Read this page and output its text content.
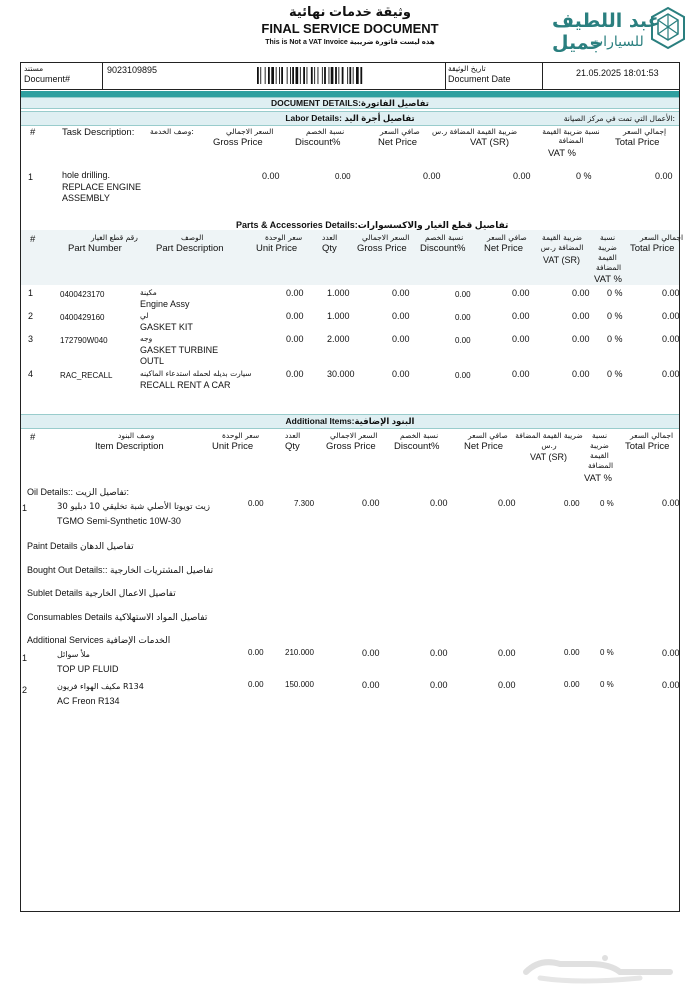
وثيقة خدمات نهائية
FINAL SERVICE DOCUMENT
This is Not a VAT Invoice هذه ليست فاتورة ضريبية
عبد اللطيف جميل
للسيارات
مستند
Document#
9023109895	تاريخ الوثيقة
Document Date
21.05.2025 18:01:53
DOCUMENT DETAILS:تفاصيل الفاتورة
Labor Details: تفاصيل أجرة اليد	الأعمال التي تمت في مركز الصيانة:
#	Task Description: وصف الخدمة:	السعر الاجمالي
Gross Price
نسبة الخصم
Discount%
صافي السعر
Net Price
ضريبة القيمة المضافة ر.س
VAT (SR)
نسبة ضريبة القيمة المضافة
VAT %
إجمالي السعر
Total Price
1	hole drilling.
REPLACE ENGINE
ASSEMBLY
0.00	0.00	0.00	0.00	0 %	0.00
Parts & Accessories Details:تفاصيل قطع الغيار والاكسسوارات
#	رقم قطع الغيار
Part Number
الوصف
Part Description
سعر الوحدة
Unit Price
العدد
Qty
السعر الاجمالي
Gross Price
نسبة الخصم
Discount%
صافي السعر
Net Price
ضريبة القيمة المضافة ر.س
VAT (SR)
نسبة
ضريبة
القيمة
المضافة
VAT %
اجمالي السعر
Total Price
1	0400423170	مكينة
Engine Assy
0.00	1.000	0.00	0.00	0.00	0.00 0 %	0.00
2	0400429160	لي
GASKET KIT
0.00	1.000	0.00	0.00	0.00	0.00 0 %	0.00
3	172790W040	وجه
GASKET TURBINE
OUTL
0.00	2.000	0.00	0.00	0.00	0.00 0 %	0.00
4	RAC_RECALL	سيارت بديله لحمله استدعاء الماكينه
RECALL RENT A CAR
0.00	30.000	0.00	0.00	0.00	0.00 0 %	0.00
Additional Items:البنود الإضافية
#	وصف البنود
Item Description
سعر الوحدة
Unit Price
العدد
Qty
السعر الاجمالي
Gross Price
نسبة الخصم
Discount%
صافي السعر
Net Price
ضريبة القيمة المضافة ر.س
VAT (SR)
نسبة
ضريبة
القيمة
المضافة
VAT %
اجمالي السعر
Total Price
Oil Details:: تفاصيل الزيت:
1	زيت تويوتا الأصلي شبة تخليقي 10 دبليو 30
TGMO Semi-Synthetic 10W-30
0.00	7.300	0.00	0.00	0.00	0.00	0 %	0.00
Paint Details تفاصيل الدهان
Bought Out Details:: تفاصيل المشتريات الخارجية
Sublet Details تفاصيل الاعمال الخارجية
Consumables Details تفاصيل المواد الاستهلاكية
Additional Services الخدمات الإضافية
1	ملأ سوائل
TOP UP FLUID
0.00	210.000	0.00	0.00	0.00	0.00	0 %	0.00
2	مكيف الهواء فريون R134
AC Freon R134
0.00	150.000	0.00	0.00	0.00	0.00	0 %	0.00
